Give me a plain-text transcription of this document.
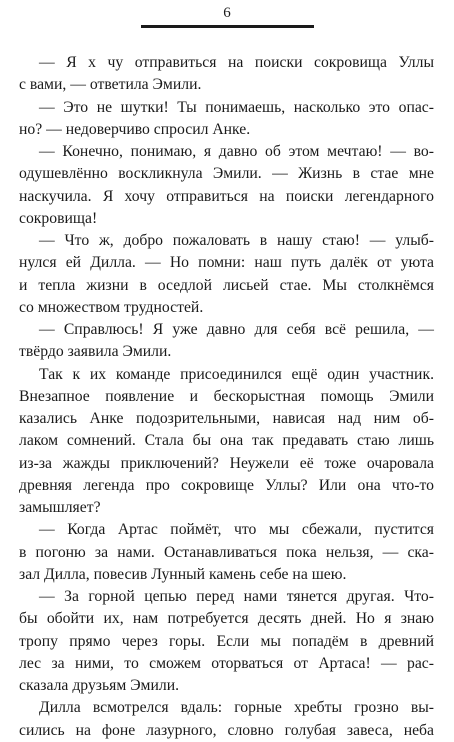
6
— Я х чу отправиться на поиски сокровища Уллы
с вами, — ответила Эмили.
— Это не шутки! Ты понимаешь, насколько это опас-
но? — недоверчиво спросил Анке.
— Конечно, понимаю, я давно об этом мечтаю! — во-
одушевлённо воскликнула Эмили. — Жизнь в стае мне
наскучила. Я хочу отправиться на поиски легендарного
сокровища!
— Что ж, добро пожаловать в нашу стаю! — улыб-
нулся ей Дилла. — Но помни: наш путь далёк от уюта
и тепла жизни в оседлой лисьей стае. Мы столкнёмся
со множеством трудностей.
— Справлюсь! Я уже давно для себя всё решила, —
твёрдо заявила Эмили.
Так к их команде присоединился ещё один участник.
Внезапное появление и бескорыстная помощь Эмили
казались Анке подозрительными, нависая над ним об-
лаком сомнений. Стала бы она так предавать стаю лишь
из-за жажды приключений? Неужели её тоже очаровала
древняя легенда про сокровище Уллы? Или она что-то
замышляет?
— Когда Артас поймёт, что мы сбежали, пустится
в погоню за нами. Останавливаться пока нельзя, — ска-
зал Дилла, повесив Лунный камень себе на шею.
— За горной цепью перед нами тянется другая. Что-
бы обойти их, нам потребуется десять дней. Но я знаю
тропу прямо через горы. Если мы попадём в древний
лес за ними, то сможем оторваться от Артаса! — рас-
сказала друзьям Эмили.
Дилла всмотрелся вдаль: горные хребты грозно вы-
сились на фоне лазурного, словно голубая завеса, неба
